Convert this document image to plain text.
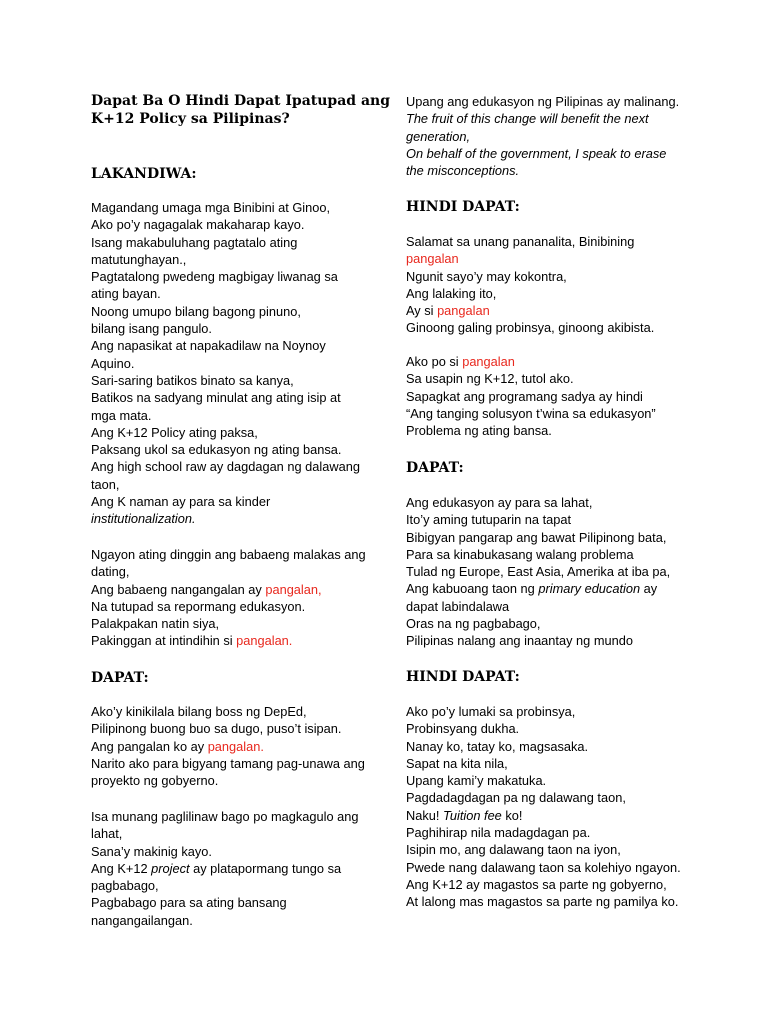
Dapat Ba O Hindi Dapat Ipatupad ang
K+12 Policy sa Pilipinas?
LAKANDIWA:
Magandang umaga mga Binibini at Ginoo,
Ako po’y nagagalak makaharap kayo.
Isang makabuluhang pagtatalo ating
matutunghayan.,
Pagtatalong pwedeng magbigay liwanag sa
ating bayan.
Noong umupo bilang bagong pinuno,
bilang isang pangulo.
Ang napasikat at napakadilaw na Noynoy
Aquino.
Sari-saring batikos binato sa kanya,
Batikos na sadyang minulat ang ating isip at
mga mata.
Ang K+12 Policy ating paksa,
Paksang ukol sa edukasyon ng ating bansa.
Ang high school raw ay dagdagan ng dalawang
taon,
Ang K naman ay para sa kinder
institutionalization.
Ngayon ating dinggin ang babaeng malakas ang
dating,
Ang babaeng nangangalan ay pangalan,
Na tutupad sa repormang edukasyon.
Palakpakan natin siya,
Pakinggan at intindihin si pangalan.
DAPAT:
Ako’y kinikilala bilang boss ng DepEd,
Pilipinong buong buo sa dugo, puso’t isipan.
Ang pangalan ko ay pangalan.
Narito ako para bigyang tamang pag-unawa ang
proyekto ng gobyerno.
Isa munang paglilinaw bago po magkagulo ang
lahat,
Sana’y makinig kayo.
Ang K+12 project ay platapormang tungo sa
pagbabago,
Pagbabago para sa ating bansang
nangangailangan.
Upang ang edukasyon ng Pilipinas ay malinang.
The fruit of this change will benefit the next
generation,
On behalf of the government, I speak to erase
the misconceptions.
HINDI DAPAT:
Salamat sa unang pananalita, Binibining
pangalan
Ngunit sayo’y may kokontra,
Ang lalaking ito,
Ay si pangalan
Ginoong galing probinsya, ginoong akibista.
Ako po si pangalan
Sa usapin ng K+12, tutol ako.
Sapagkat ang programang sadya ay hindi
“Ang tanging solusyon t’wina sa edukasyon”
Problema ng ating bansa.
DAPAT:
Ang edukasyon ay para sa lahat,
Ito’y aming tutuparin na tapat
Bibigyan pangarap ang bawat Pilipinong bata,
Para sa kinabukasang walang problema
Tulad ng Europe, East Asia, Amerika at iba pa,
Ang kabuoang taon ng primary education ay
dapat labindalawa
Oras na ng pagbabago,
Pilipinas nalang ang inaantay ng mundo
HINDI DAPAT:
Ako po’y lumaki sa probinsya,
Probinsyang dukha.
Nanay ko, tatay ko, magsasaka.
Sapat na kita nila,
Upang kami’y makatuka.
Pagdadagdagan pa ng dalawang taon,
Naku! Tuition fee ko!
Paghihirap nila madagdagan pa.
Isipin mo, ang dalawang taon na iyon,
Pwede nang dalawang taon sa kolehiyo ngayon.
Ang K+12 ay magastos sa parte ng gobyerno,
At lalong mas magastos sa parte ng pamilya ko.
